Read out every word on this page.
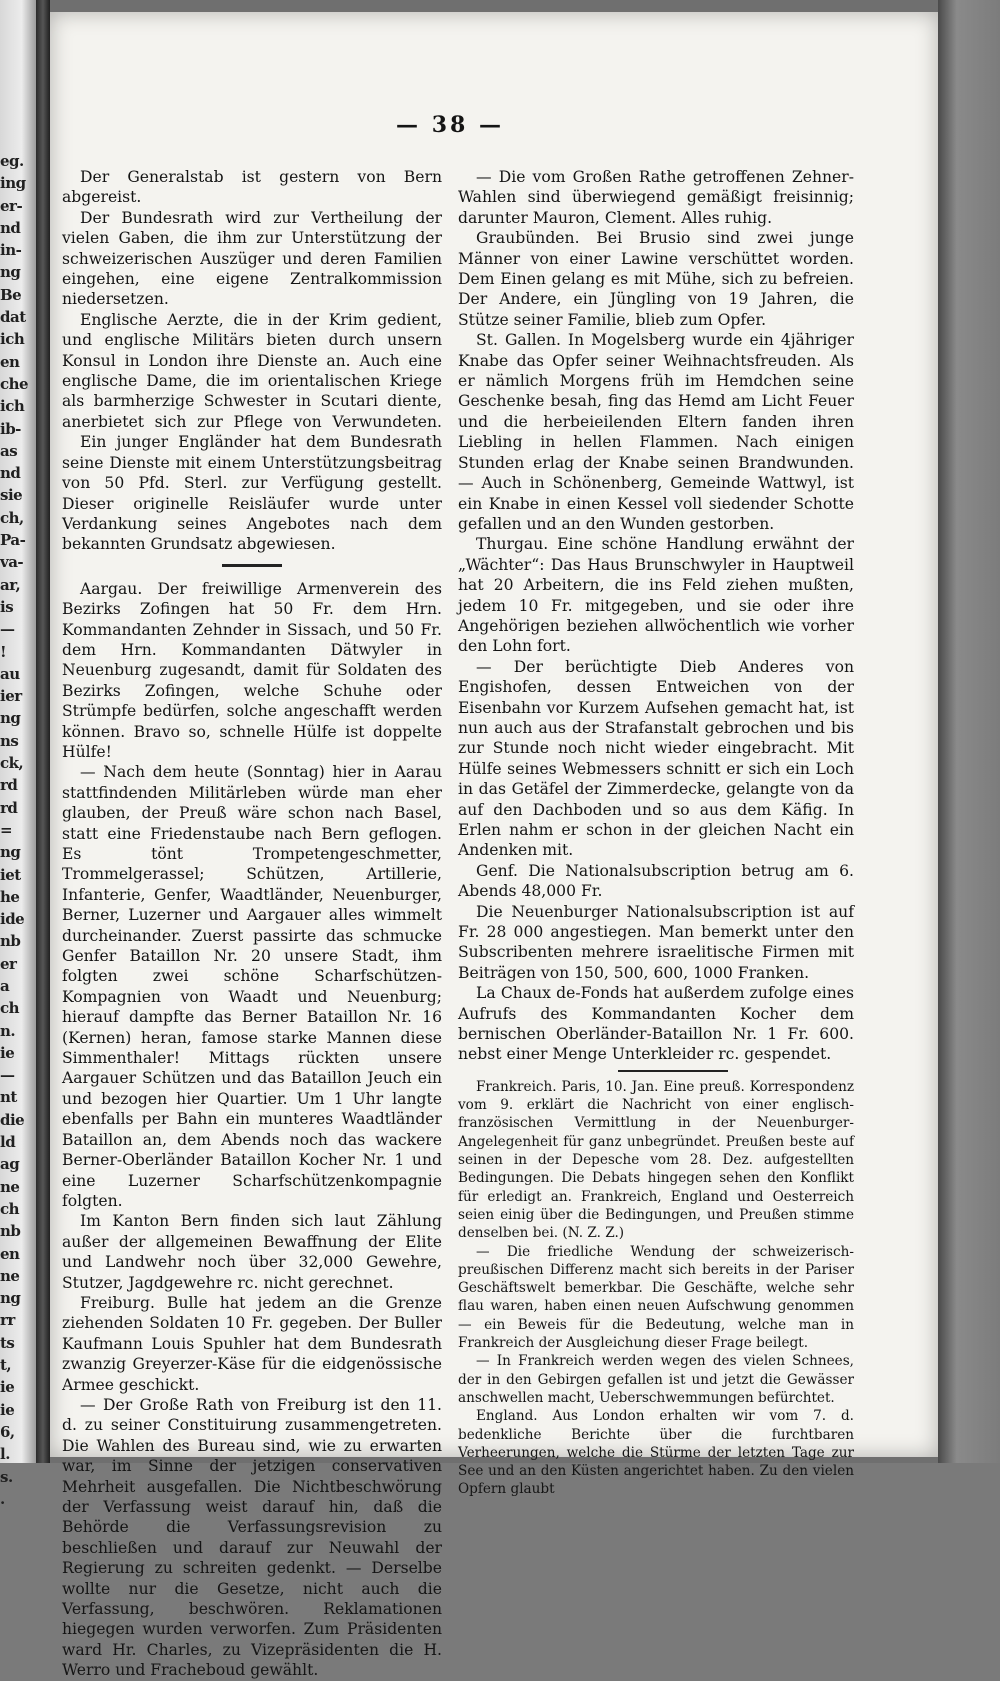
eg.
ing
er-
nd
in-
ng
Be
dat
ich
en
che
ich
ib-
as
nd
sie
ch,
Pa-
va-
ar,
is
—
!
au
ier
ng
ns
ck,
rd
rd
=
ng
iet
he
ide
nb
er
a
ch
n.
ie
—
nt
die
ld
ag
ne
ch
nb
en
ne
ng
rr
ts
t,
ie
ie
6,
l.
s.
.
— 38 —

Der Generalstab ist gestern von Bern abgereist.

Der Bundesrath wird zur Vertheilung der vielen Gaben, die ihm zur Unterstützung der schweizerischen Auszüger und deren Familien eingehen, eine eigene Zentralkommission niedersetzen.

Englische Aerzte, die in der Krim gedient, und englische Militärs bieten durch unsern Konsul in London ihre Dienste an. Auch eine englische Dame, die im orientalischen Kriege als barmherzige Schwester in Scutari diente, anerbietet sich zur Pflege von Verwundeten.

Ein junger Engländer hat dem Bundesrath seine Dienste mit einem Unterstützungsbeitrag von 50 Pfd. Sterl. zur Verfügung gestellt. Dieser originelle Reisläufer wurde unter Verdankung seines Angebotes nach dem bekannten Grundsatz abgewiesen.

Aargau. Der freiwillige Armenverein des Bezirks Zofingen hat 50 Fr. dem Hrn. Kommandanten Zehnder in Sissach, und 50 Fr. dem Hrn. Kommandanten Dätwyler in Neuenburg zugesandt, damit für Soldaten des Bezirks Zofingen, welche Schuhe oder Strümpfe bedürfen, solche angeschafft werden können. Bravo so, schnelle Hülfe ist doppelte Hülfe!

— Nach dem heute (Sonntag) hier in Aarau stattfindenden Militärleben würde man eher glauben, der Preuß wäre schon nach Basel, statt eine Friedenstaube nach Bern geflogen. Es tönt Trompetengeschmetter, Trommelgerassel; Schützen, Artillerie, Infanterie, Genfer, Waadtländer, Neuenburger, Berner, Luzerner und Aargauer alles wimmelt durcheinander. Zuerst passirte das schmucke Genfer Bataillon Nr. 20 unsere Stadt, ihm folgten zwei schöne Scharfschützen-Kompagnien von Waadt und Neuenburg; hierauf dampfte das Berner Bataillon Nr. 16 (Kernen) heran, famose starke Mannen diese Simmenthaler! Mittags rückten unsere Aargauer Schützen und das Bataillon Jeuch ein und bezogen hier Quartier. Um 1 Uhr langte ebenfalls per Bahn ein munteres Waadtländer Bataillon an, dem Abends noch das wackere Berner-Oberländer Bataillon Kocher Nr. 1 und eine Luzerner Scharfschützenkompagnie folgten.

Im Kanton Bern finden sich laut Zählung außer der allgemeinen Bewaffnung der Elite und Landwehr noch über 32,000 Gewehre, Stutzer, Jagdgewehre rc. nicht gerechnet.

Freiburg. Bulle hat jedem an die Grenze ziehenden Soldaten 10 Fr. gegeben. Der Buller Kaufmann Louis Spuhler hat dem Bundesrath zwanzig Greyerzer-Käse für die eidgenössische Armee geschickt.

— Der Große Rath von Freiburg ist den 11. d. zu seiner Constituirung zusammengetreten. Die Wahlen des Bureau sind, wie zu erwarten war, im Sinne der jetzigen conservativen Mehrheit ausgefallen. Die Nichtbeschwörung der Verfassung weist darauf hin, daß die Behörde die Verfassungsrevision zu beschließen und darauf zur Neuwahl der Regierung zu schreiten gedenkt. — Derselbe wollte nur die Gesetze, nicht auch die Verfassung, beschwören. Reklamationen hiegegen wurden verworfen. Zum Präsidenten ward Hr. Charles, zu Vizepräsidenten die H. Werro und Fracheboud gewählt.

— Die vom Großen Rathe getroffenen Zehner-Wahlen sind überwiegend gemäßigt freisinnig; darunter Mauron, Clement. Alles ruhig.

Graubünden. Bei Brusio sind zwei junge Männer von einer Lawine verschüttet worden. Dem Einen gelang es mit Mühe, sich zu befreien. Der Andere, ein Jüngling von 19 Jahren, die Stütze seiner Familie, blieb zum Opfer.

St. Gallen. In Mogelsberg wurde ein 4jähriger Knabe das Opfer seiner Weihnachtsfreuden. Als er nämlich Morgens früh im Hemdchen seine Geschenke besah, fing das Hemd am Licht Feuer und die herbeieilenden Eltern fanden ihren Liebling in hellen Flammen. Nach einigen Stunden erlag der Knabe seinen Brandwunden. — Auch in Schönenberg, Gemeinde Wattwyl, ist ein Knabe in einen Kessel voll siedender Schotte gefallen und an den Wunden gestorben.

Thurgau. Eine schöne Handlung erwähnt der „Wächter“: Das Haus Brunschwyler in Hauptweil hat 20 Arbeitern, die ins Feld ziehen mußten, jedem 10 Fr. mitgegeben, und sie oder ihre Angehörigen beziehen allwöchentlich wie vorher den Lohn fort.

— Der berüchtigte Dieb Anderes von Engishofen, dessen Entweichen von der Eisenbahn vor Kurzem Aufsehen gemacht hat, ist nun auch aus der Strafanstalt gebrochen und bis zur Stunde noch nicht wieder eingebracht. Mit Hülfe seines Webmessers schnitt er sich ein Loch in das Getäfel der Zimmerdecke, gelangte von da auf den Dachboden und so aus dem Käfig. In Erlen nahm er schon in der gleichen Nacht ein Andenken mit.

Genf. Die Nationalsubscription betrug am 6. Abends 48,000 Fr.

Die Neuenburger Nationalsubscription ist auf Fr. 28 000 angestiegen. Man bemerkt unter den Subscribenten mehrere israelitische Firmen mit Beiträgen von 150, 500, 600, 1000 Franken.

La Chaux de-Fonds hat außerdem zufolge eines Aufrufs des Kommandanten Kocher dem bernischen Oberländer-Bataillon Nr. 1 Fr. 600. nebst einer Menge Unterkleider rc. gespendet.

Frankreich. Paris, 10. Jan. Eine preuß. Korrespondenz vom 9. erklärt die Nachricht von einer englisch-französischen Vermittlung in der Neuenburger-Angelegenheit für ganz unbegründet. Preußen beste auf seinen in der Depesche vom 28. Dez. aufgestellten Bedingungen. Die Debats hingegen sehen den Konflikt für erledigt an. Frankreich, England und Oesterreich seien einig über die Bedingungen, und Preußen stimme denselben bei. (N. Z. Z.)

— Die friedliche Wendung der schweizerisch-preußischen Differenz macht sich bereits in der Pariser Geschäftswelt bemerkbar. Die Geschäfte, welche sehr flau waren, haben einen neuen Aufschwung genommen — ein Beweis für die Bedeutung, welche man in Frankreich der Ausgleichung dieser Frage beilegt.

— In Frankreich werden wegen des vielen Schnees, der in den Gebirgen gefallen ist und jetzt die Gewässer anschwellen macht, Ueberschwemmungen befürchtet.

England. Aus London erhalten wir vom 7. d. bedenkliche Berichte über die furchtbaren Verheerungen, welche die Stürme der letzten Tage zur See und an den Küsten angerichtet haben. Zu den vielen Opfern glaubt
